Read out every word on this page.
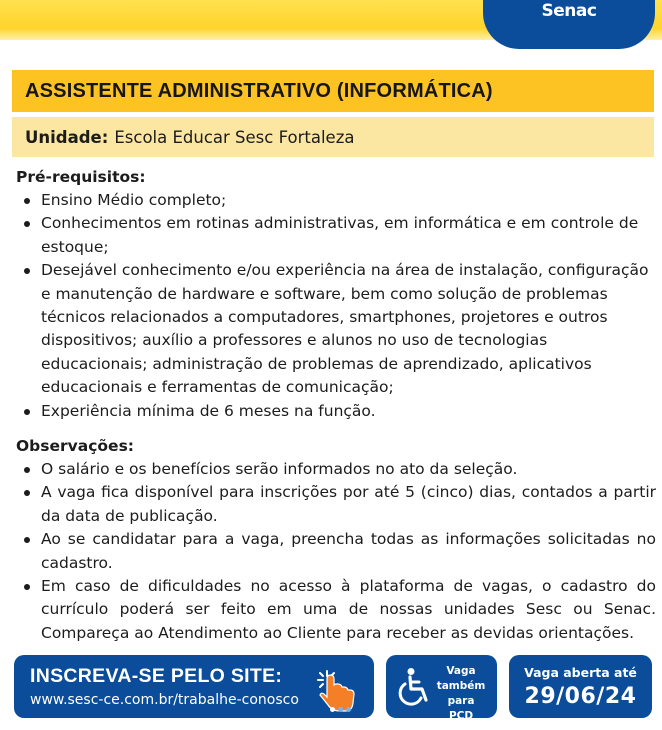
Senac
ASSISTENTE ADMINISTRATIVO (INFORMÁTICA)
Unidade: Escola Educar Sesc Fortaleza
Pré-requisitos:
Ensino Médio completo;
Conhecimentos em rotinas administrativas, em informática e em controle de estoque;
Desejável conhecimento e/ou experiência na área de instalação, configuração e manutenção de hardware e software, bem como solução de problemas técnicos relacionados a computadores, smartphones, projetores e outros dispositivos; auxílio a professores e alunos no uso de tecnologias educacionais; administração de problemas de aprendizado, aplicativos educacionais e ferramentas de comunicação;
Experiência mínima de 6 meses na função.
Observações:
O salário e os benefícios serão informados no ato da seleção.
A vaga fica disponível para inscrições por até 5 (cinco) dias, contados a partir da data de publicação.
Ao se candidatar para a vaga, preencha todas as informações solicitadas no cadastro.
Em caso de dificuldades no acesso à plataforma de vagas, o cadastro do currículo poderá ser feito em uma de nossas unidades Sesc ou Senac. Compareça ao Atendimento ao Cliente para receber as devidas orientações.
INSCREVA-SE PELO SITE:
www.sesc-ce.com.br/trabalhe-conosco
Vaga
também
para PCD
Vaga aberta até
29/06/24
